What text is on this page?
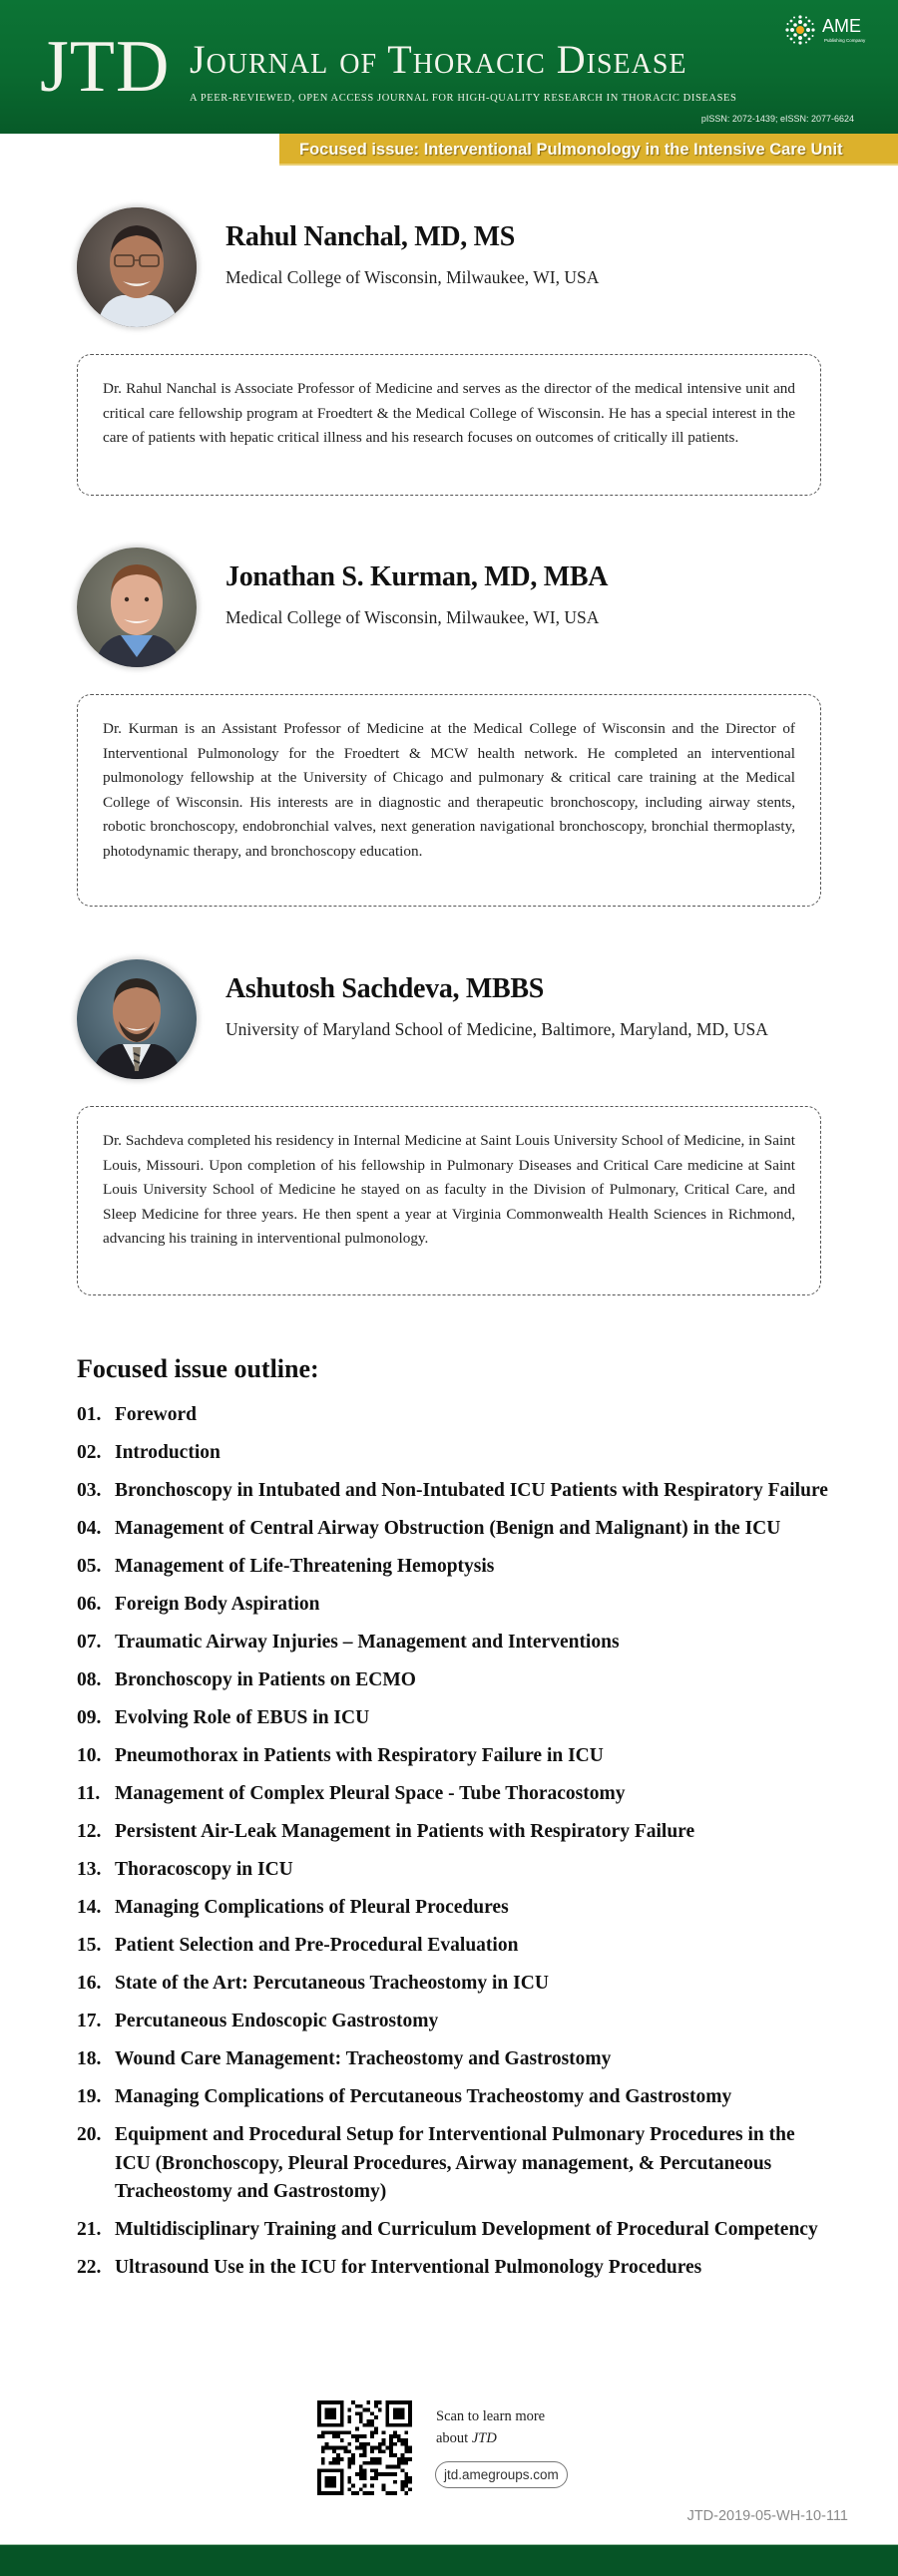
JTD Journal of Thoracic Disease
A PEER-REVIEWED, OPEN ACCESS JOURNAL FOR HIGH-QUALITY RESEARCH IN THORACIC DISEASES
pISSN: 2072-1439; eISSN: 2077-6624
AME
Publishing Company
Focused issue: Interventional Pulmonology in the Intensive Care Unit
Rahul Nanchal, MD, MS
Medical College of Wisconsin, Milwaukee, WI, USA

Dr. Rahul Nanchal is Associate Professor of Medicine and serves as the director of the medical intensive unit and critical care fellowship program at Froedtert & the Medical College of Wisconsin. He has a special interest in the care of patients with hepatic critical illness and his research focuses on outcomes of critically ill patients.

Jonathan S. Kurman, MD, MBA
Medical College of Wisconsin, Milwaukee, WI, USA

Dr. Kurman is an Assistant Professor of Medicine at the Medical College of Wisconsin and the Director of Interventional Pulmonology for the Froedtert & MCW health network. He completed an interventional pulmonology fellowship at the University of Chicago and pulmonary & critical care training at the Medical College of Wisconsin. His interests are in diagnostic and therapeutic bronchoscopy, including airway stents, robotic bronchoscopy, endobronchial valves, next generation navigational bronchoscopy, bronchial thermoplasty, photodynamic therapy, and bronchoscopy education.

Ashutosh Sachdeva, MBBS
University of Maryland School of Medicine, Baltimore, Maryland, MD, USA

Dr. Sachdeva completed his residency in Internal Medicine at Saint Louis University School of Medicine, in Saint Louis, Missouri. Upon completion of his fellowship in Pulmonary Diseases and Critical Care medicine at Saint Louis University School of Medicine he stayed on as faculty in the Division of Pulmonary, Critical Care, and Sleep Medicine for three years. He then spent a year at Virginia Commonwealth Health Sciences in Richmond, advancing his training in interventional pulmonology.

Focused issue outline:
01. Foreword
02. Introduction
03. Bronchoscopy in Intubated and Non-Intubated ICU Patients with Respiratory Failure
04. Management of Central Airway Obstruction (Benign and Malignant) in the ICU
05. Management of Life-Threatening Hemoptysis
06. Foreign Body Aspiration
07. Traumatic Airway Injuries – Management and Interventions
08. Bronchoscopy in Patients on ECMO
09. Evolving Role of EBUS in ICU
10. Pneumothorax in Patients with Respiratory Failure in ICU
11. Management of Complex Pleural Space - Tube Thoracostomy
12. Persistent Air-Leak Management in Patients with Respiratory Failure
13. Thoracoscopy in ICU
14. Managing Complications of Pleural Procedures
15. Patient Selection and Pre-Procedural Evaluation
16. State of the Art: Percutaneous Tracheostomy in ICU
17. Percutaneous Endoscopic Gastrostomy
18. Wound Care Management: Tracheostomy and Gastrostomy
19. Managing Complications of Percutaneous Tracheostomy and Gastrostomy
20. Equipment and Procedural Setup for Interventional Pulmonary Procedures in the ICU (Bronchoscopy, Pleural Procedures, Airway management, & Percutaneous Tracheostomy and Gastrostomy)
21. Multidisciplinary Training and Curriculum Development of Procedural Competency
22. Ultrasound Use in the ICU for Interventional Pulmonology Procedures
Scan to learn more
about JTD
jtd.amegroups.com
JTD-2019-05-WH-10-111
